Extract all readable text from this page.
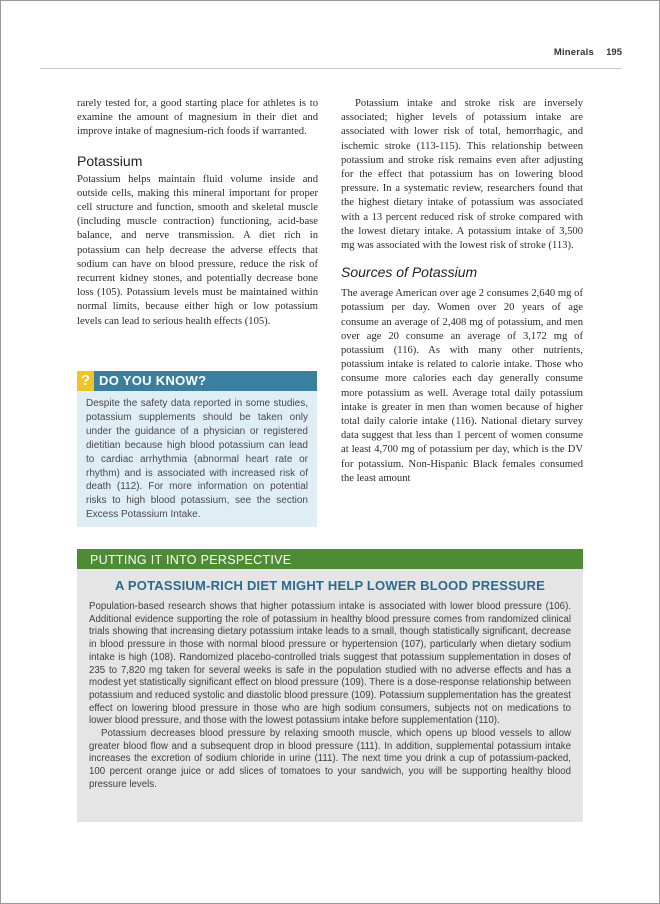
Minerals 195

rarely tested for, a good starting place for athletes is to examine the amount of magnesium in their diet and improve intake of magnesium-rich foods if warranted.

Potassium

Potassium helps maintain fluid volume inside and outside cells, making this mineral important for proper cell structure and function, smooth and skeletal muscle (including muscle contraction) functioning, acid-base balance, and nerve transmission. A diet rich in potassium can help decrease the adverse effects that sodium can have on blood pressure, reduce the risk of recurrent kidney stones, and potentially decrease bone loss (105). Potassium levels must be maintained within normal limits, because either high or low potassium levels can lead to serious health effects (105).

? DO YOU KNOW?

Despite the safety data reported in some studies, potassium supplements should be taken only under the guidance of a physician or registered dietitian because high blood potassium can lead to cardiac arrhythmia (abnormal heart rate or rhythm) and is associated with increased risk of death (112). For more information on potential risks to high blood potassium, see the section Excess Potassium Intake.

Potassium intake and stroke risk are inversely associated; higher levels of potassium intake are associated with lower risk of total, hemorrhagic, and ischemic stroke (113-115). This relationship between potassium and stroke risk remains even after adjusting for the effect that potassium has on lowering blood pressure. In a systematic review, researchers found that the highest dietary intake of potassium was associated with a 13 percent reduced risk of stroke compared with the lowest dietary intake. A potassium intake of 3,500 mg was associated with the lowest risk of stroke (113).

Sources of Potassium

The average American over age 2 consumes 2,640 mg of potassium per day. Women over 20 years of age consume an average of 2,408 mg of potassium, and men over age 20 consume an average of 3,172 mg of potassium (116). As with many other nutrients, potassium intake is related to calorie intake. Those who consume more calories each day generally consume more potassium as well. Average total daily potassium intake is greater in men than women because of higher total daily calorie intake (116). National dietary survey data suggest that less than 1 percent of women consume at least 4,700 mg of potassium per day, which is the DV for potassium. Non-Hispanic Black females consumed the least amount

PUTTING IT INTO PERSPECTIVE
A POTASSIUM-RICH DIET MIGHT HELP LOWER BLOOD PRESSURE

Population-based research shows that higher potassium intake is associated with lower blood pressure (106). Additional evidence supporting the role of potassium in healthy blood pressure comes from randomized clinical trials showing that increasing dietary potassium intake leads to a small, though statistically significant, decrease in blood pressure in those with normal blood pressure or hypertension (107), particularly when dietary sodium intake is high (108). Randomized placebo-controlled trials suggest that potassium supplementation in doses of 235 to 7,820 mg taken for several weeks is safe in the population studied with no adverse effects and has a modest yet statistically significant effect on blood pressure (109). There is a dose-response relationship between potassium and reduced systolic and diastolic blood pressure (109). Potassium supplementation has the greatest effect on lowering blood pressure in those who are high sodium consumers, subjects not on medications to lower blood pressure, and those with the lowest potassium intake before supplementation (110).

Potassium decreases blood pressure by relaxing smooth muscle, which opens up blood vessels to allow greater blood flow and a subsequent drop in blood pressure (111). In addition, supplemental potassium intake increases the excretion of sodium chloride in urine (111). The next time you drink a cup of potassium-packed, 100 percent orange juice or add slices of tomatoes to your sandwich, you will be supporting healthy blood pressure levels.
